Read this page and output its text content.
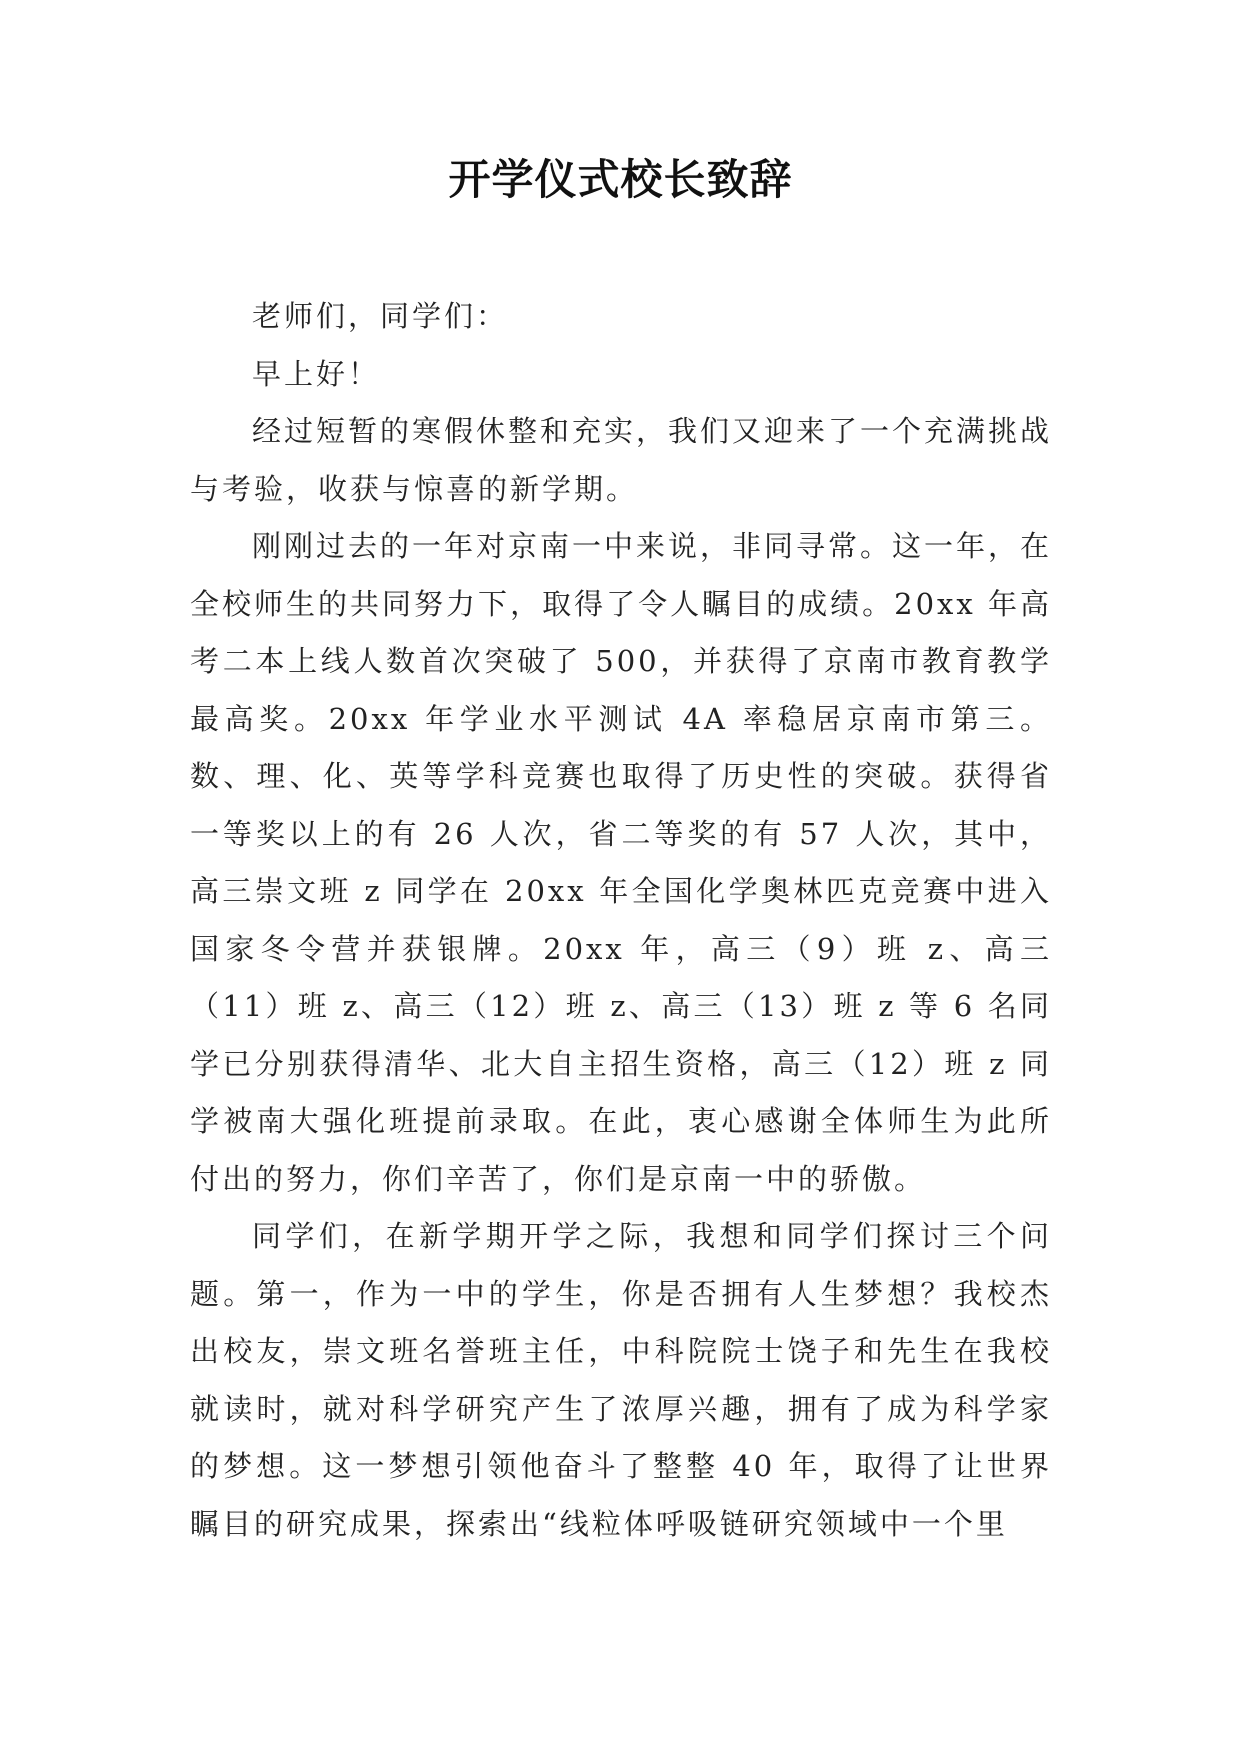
开学仪式校长致辞

老师们，同学们：

早上好！

经过短暂的寒假休整和充实，我们又迎来了一个充满挑战与考验，收获与惊喜的新学期。

刚刚过去的一年对京南一中来说，非同寻常。这一年，在全校师生的共同努力下，取得了令人瞩目的成绩。20xx 年高考二本上线人数首次突破了 500，并获得了京南市教育教学最高奖。20xx 年学业水平测试 4A 率稳居京南市第三。数、理、化、英等学科竞赛也取得了历史性的突破。获得省一等奖以上的有 26 人次，省二等奖的有 57 人次，其中，高三崇文班 z 同学在 20xx 年全国化学奥林匹克竞赛中进入国家冬令营并获银牌。20xx 年，高三（9）班 z、高三（11）班 z、高三（12）班 z、高三（13）班 z 等 6 名同学已分别获得清华、北大自主招生资格，高三（12）班 z 同学被南大强化班提前录取。在此，衷心感谢全体师生为此所付出的努力，你们辛苦了，你们是京南一中的骄傲。

同学们，在新学期开学之际，我想和同学们探讨三个问题。第一，作为一中的学生，你是否拥有人生梦想？我校杰出校友，崇文班名誉班主任，中科院院士饶子和先生在我校就读时，就对科学研究产生了浓厚兴趣，拥有了成为科学家的梦想。这一梦想引领他奋斗了整整 40 年，取得了让世界瞩目的研究成果，探索出“线粒体呼吸链研究领域中一个里
